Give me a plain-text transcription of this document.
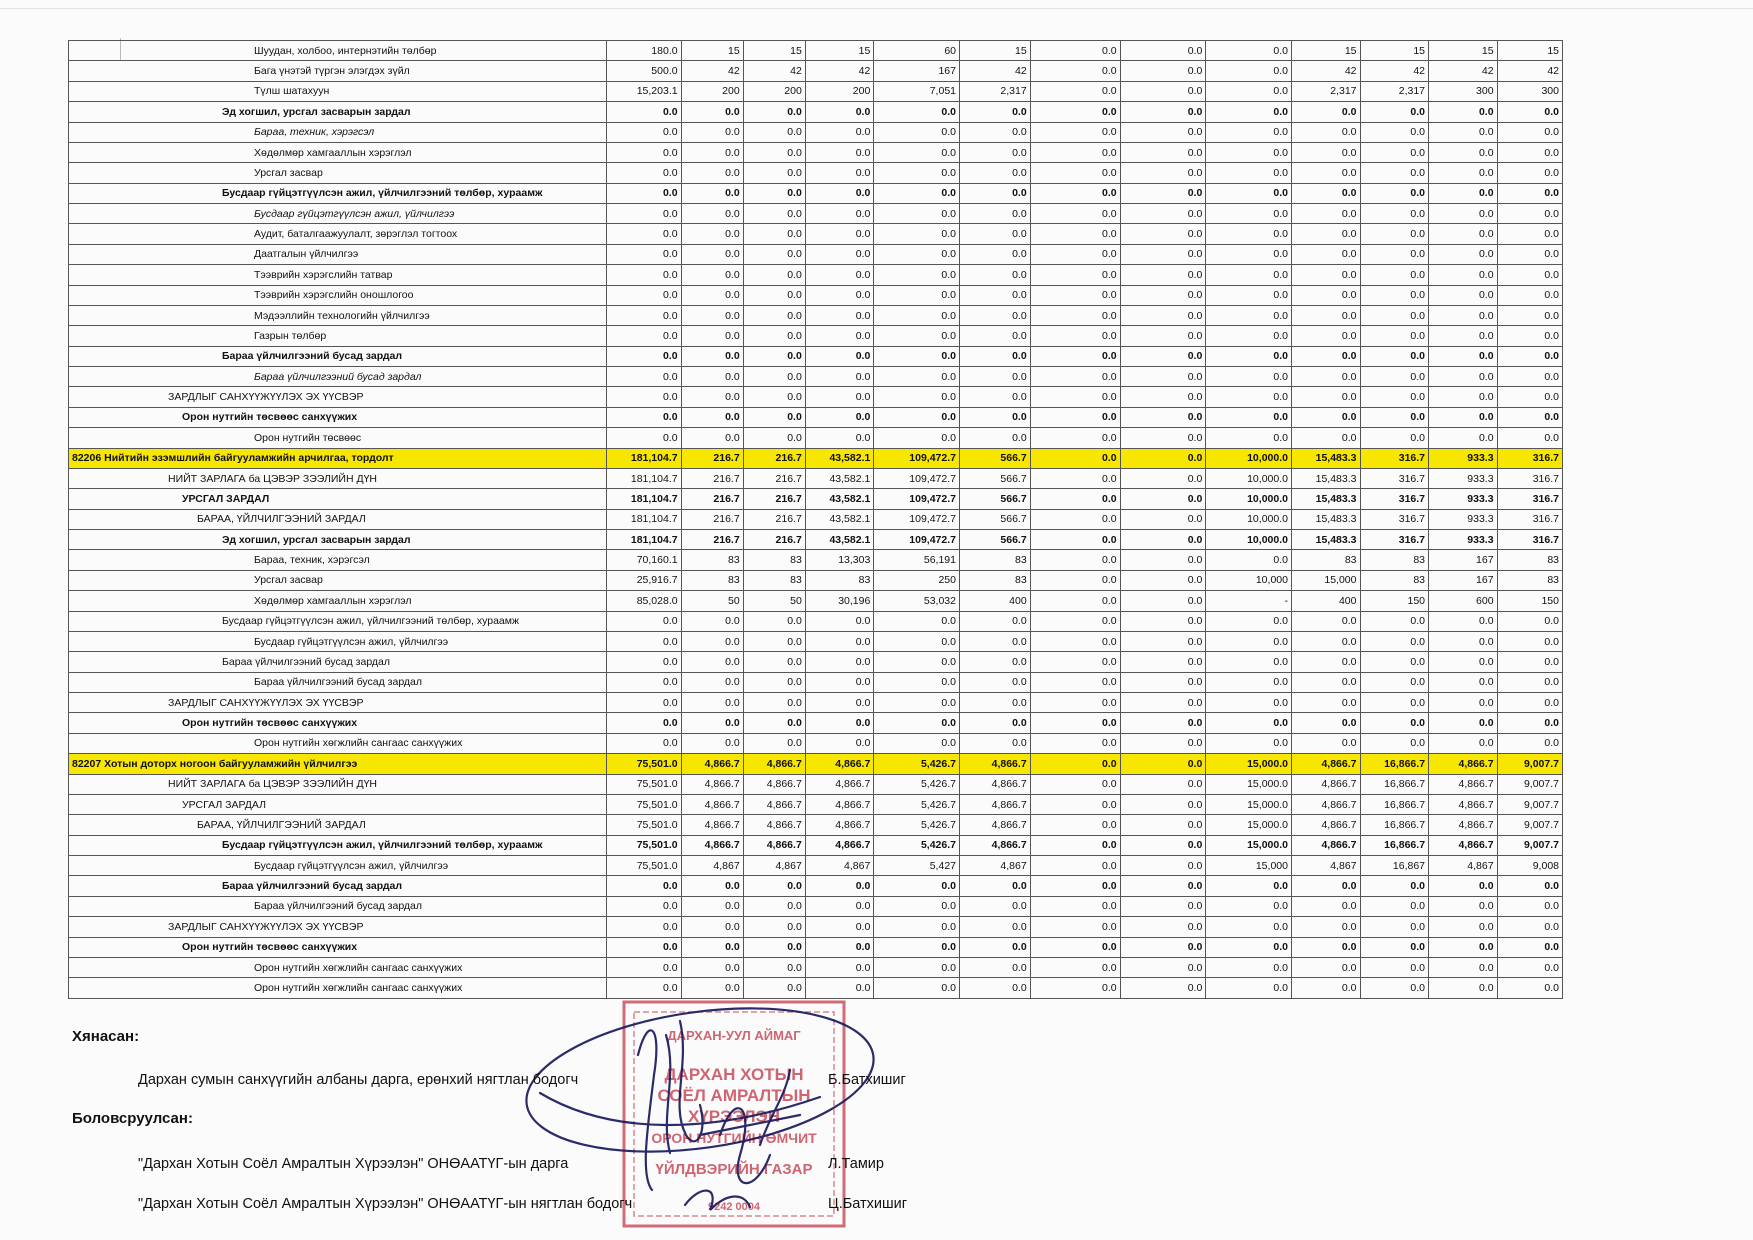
Шуудан, холбоо, интернэтийн төлбөр	180.0	15	15	15	60	15	0.0	0.0	0.0	15	15	15	15
Бага үнэтэй түргэн элэгдэх зүйл	500.0	42	42	42	167	42	0.0	0.0	0.0	42	42	42	42
Түлш шатахуун	15,203.1	200	200	200	7,051	2,317	0.0	0.0	0.0	2,317	2,317	300	300
Эд хогшил, урсгал засварын зардал	0.0	0.0	0.0	0.0	0.0	0.0	0.0	0.0	0.0	0.0	0.0	0.0	0.0
Бараа, техник, хэрэгсэл	0.0	0.0	0.0	0.0	0.0	0.0	0.0	0.0	0.0	0.0	0.0	0.0	0.0
Хөдөлмөр хамгааллын хэрэглэл	0.0	0.0	0.0	0.0	0.0	0.0	0.0	0.0	0.0	0.0	0.0	0.0	0.0
Урсгал засвар	0.0	0.0	0.0	0.0	0.0	0.0	0.0	0.0	0.0	0.0	0.0	0.0	0.0
Бусдаар гүйцэтгүүлсэн ажил, үйлчилгээний төлбөр, хураамж	0.0	0.0	0.0	0.0	0.0	0.0	0.0	0.0	0.0	0.0	0.0	0.0	0.0
Бусдаар гүйцэтгүүлсэн ажил, үйлчилгээ	0.0	0.0	0.0	0.0	0.0	0.0	0.0	0.0	0.0	0.0	0.0	0.0	0.0
Аудит, баталгаажуулалт, зөрэглэл тогтоох	0.0	0.0	0.0	0.0	0.0	0.0	0.0	0.0	0.0	0.0	0.0	0.0	0.0
Даатгалын үйлчилгээ	0.0	0.0	0.0	0.0	0.0	0.0	0.0	0.0	0.0	0.0	0.0	0.0	0.0
Тээврийн хэрэгслийн татвар	0.0	0.0	0.0	0.0	0.0	0.0	0.0	0.0	0.0	0.0	0.0	0.0	0.0
Тээврийн хэрэгслийн оношлогоо	0.0	0.0	0.0	0.0	0.0	0.0	0.0	0.0	0.0	0.0	0.0	0.0	0.0
Мэдээллийн технологийн үйлчилгээ	0.0	0.0	0.0	0.0	0.0	0.0	0.0	0.0	0.0	0.0	0.0	0.0	0.0
Газрын төлбөр	0.0	0.0	0.0	0.0	0.0	0.0	0.0	0.0	0.0	0.0	0.0	0.0	0.0
Бараа үйлчилгээний бусад зардал	0.0	0.0	0.0	0.0	0.0	0.0	0.0	0.0	0.0	0.0	0.0	0.0	0.0
Бараа үйлчилгээний бусад зардал	0.0	0.0	0.0	0.0	0.0	0.0	0.0	0.0	0.0	0.0	0.0	0.0	0.0
ЗАРДЛЫГ САНХҮҮЖҮҮЛЭХ ЭХ ҮҮСВЭР	0.0	0.0	0.0	0.0	0.0	0.0	0.0	0.0	0.0	0.0	0.0	0.0	0.0
Орон нутгийн төсвөөс санхүүжих	0.0	0.0	0.0	0.0	0.0	0.0	0.0	0.0	0.0	0.0	0.0	0.0	0.0
Орон нутгийн төсвөөс	0.0	0.0	0.0	0.0	0.0	0.0	0.0	0.0	0.0	0.0	0.0	0.0	0.0
82206 Нийтийн эзэмшлийн байгууламжийн арчилгаа, тордолт	181,104.7	216.7	216.7	43,582.1	109,472.7	566.7	0.0	0.0	10,000.0	15,483.3	316.7	933.3	316.7
НИЙТ ЗАРЛАГА ба ЦЭВЭР ЗЭЭЛИЙН ДҮН	181,104.7	216.7	216.7	43,582.1	109,472.7	566.7	0.0	0.0	10,000.0	15,483.3	316.7	933.3	316.7
УРСГАЛ ЗАРДАЛ	181,104.7	216.7	216.7	43,582.1	109,472.7	566.7	0.0	0.0	10,000.0	15,483.3	316.7	933.3	316.7
БАРАА, ҮЙЛЧИЛГЭЭНИЙ ЗАРДАЛ	181,104.7	216.7	216.7	43,582.1	109,472.7	566.7	0.0	0.0	10,000.0	15,483.3	316.7	933.3	316.7
Эд хогшил, урсгал засварын зардал	181,104.7	216.7	216.7	43,582.1	109,472.7	566.7	0.0	0.0	10,000.0	15,483.3	316.7	933.3	316.7
Бараа, техник, хэрэгсэл	70,160.1	83	83	13,303	56,191	83	0.0	0.0	0.0	83	83	167	83
Урсгал засвар	25,916.7	83	83	83	250	83	0.0	0.0	10,000	15,000	83	167	83
Хөдөлмөр хамгааллын хэрэглэл	85,028.0	50	50	30,196	53,032	400	0.0	0.0	-	400	150	600	150
Бусдаар гүйцэтгүүлсэн ажил, үйлчилгээний төлбөр, хураамж	0.0	0.0	0.0	0.0	0.0	0.0	0.0	0.0	0.0	0.0	0.0	0.0	0.0
Бусдаар гүйцэтгүүлсэн ажил, үйлчилгээ	0.0	0.0	0.0	0.0	0.0	0.0	0.0	0.0	0.0	0.0	0.0	0.0	0.0
Бараа үйлчилгээний бусад зардал	0.0	0.0	0.0	0.0	0.0	0.0	0.0	0.0	0.0	0.0	0.0	0.0	0.0
Бараа үйлчилгээний бусад зардал	0.0	0.0	0.0	0.0	0.0	0.0	0.0	0.0	0.0	0.0	0.0	0.0	0.0
ЗАРДЛЫГ САНХҮҮЖҮҮЛЭХ ЭХ ҮҮСВЭР	0.0	0.0	0.0	0.0	0.0	0.0	0.0	0.0	0.0	0.0	0.0	0.0	0.0
Орон нутгийн төсвөөс санхүүжих	0.0	0.0	0.0	0.0	0.0	0.0	0.0	0.0	0.0	0.0	0.0	0.0	0.0
Орон нутгийн хөгжлийн сангаас санхүүжих	0.0	0.0	0.0	0.0	0.0	0.0	0.0	0.0	0.0	0.0	0.0	0.0	0.0
82207 Хотын доторх ногоон байгууламжийн үйлчилгээ	75,501.0	4,866.7	4,866.7	4,866.7	5,426.7	4,866.7	0.0	0.0	15,000.0	4,866.7	16,866.7	4,866.7	9,007.7
НИЙТ ЗАРЛАГА ба ЦЭВЭР ЗЭЭЛИЙН ДҮН	75,501.0	4,866.7	4,866.7	4,866.7	5,426.7	4,866.7	0.0	0.0	15,000.0	4,866.7	16,866.7	4,866.7	9,007.7
УРСГАЛ ЗАРДАЛ	75,501.0	4,866.7	4,866.7	4,866.7	5,426.7	4,866.7	0.0	0.0	15,000.0	4,866.7	16,866.7	4,866.7	9,007.7
БАРАА, ҮЙЛЧИЛГЭЭНИЙ ЗАРДАЛ	75,501.0	4,866.7	4,866.7	4,866.7	5,426.7	4,866.7	0.0	0.0	15,000.0	4,866.7	16,866.7	4,866.7	9,007.7
Бусдаар гүйцэтгүүлсэн ажил, үйлчилгээний төлбөр, хураамж	75,501.0	4,866.7	4,866.7	4,866.7	5,426.7	4,866.7	0.0	0.0	15,000.0	4,866.7	16,866.7	4,866.7	9,007.7
Бусдаар гүйцэтгүүлсэн ажил, үйлчилгээ	75,501.0	4,867	4,867	4,867	5,427	4,867	0.0	0.0	15,000	4,867	16,867	4,867	9,008
Бараа үйлчилгээний бусад зардал	0.0	0.0	0.0	0.0	0.0	0.0	0.0	0.0	0.0	0.0	0.0	0.0	0.0
Бараа үйлчилгээний бусад зардал	0.0	0.0	0.0	0.0	0.0	0.0	0.0	0.0	0.0	0.0	0.0	0.0	0.0
ЗАРДЛЫГ САНХҮҮЖҮҮЛЭХ ЭХ ҮҮСВЭР	0.0	0.0	0.0	0.0	0.0	0.0	0.0	0.0	0.0	0.0	0.0	0.0	0.0
Орон нутгийн төсвөөс санхүүжих	0.0	0.0	0.0	0.0	0.0	0.0	0.0	0.0	0.0	0.0	0.0	0.0	0.0
Орон нутгийн хөгжлийн сангаас санхүүжих	0.0	0.0	0.0	0.0	0.0	0.0	0.0	0.0	0.0	0.0	0.0	0.0	0.0
Орон нутгийн хөгжлийн сангаас санхүүжих	0.0	0.0	0.0	0.0	0.0	0.0	0.0	0.0	0.0	0.0	0.0	0.0	0.0
ДАРХАН-УУЛ АЙМАГ
ДАРХАН ХОТЫН
СОЁЛ АМРАЛТЫН
ХҮРЭЭЛЭН
ОРОН НУТГИЙН ӨМЧИТ
ҮЙЛДВЭРИЙН ГАЗАР
9242 0004
Хянасан:
Дархан сумын санхүүгийн албаны дарга, ерөнхий нягтлан бодогч	Б.Батхишиг
Боловсруулсан:
"Дархан Хотын Соёл Амралтын Хүрээлэн" ОНӨААТҮГ-ын дарга	Л.Тамир
"Дархан Хотын Соёл Амралтын Хүрээлэн" ОНӨААТҮГ-ын нягтлан бодогч	Ц.Батхишиг
